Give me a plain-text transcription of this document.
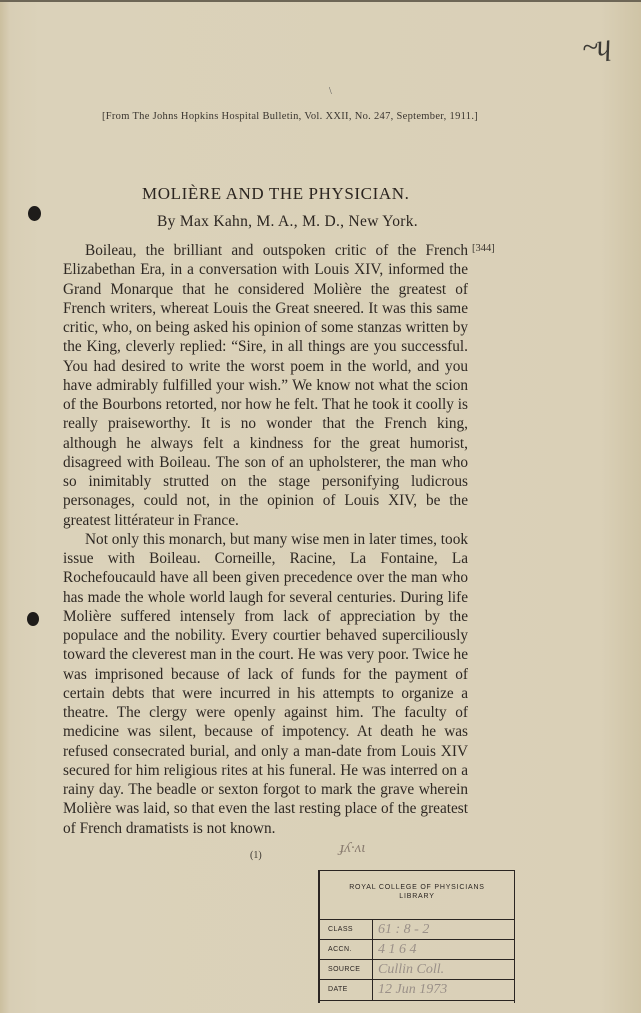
~ɥ
\
[From The Johns Hopkins Hospital Bulletin, Vol. XXII, No. 247, September, 1911.]
MOLIÈRE AND THE PHYSICIAN.
By Max Kahn, M. A., M. D., New York.
[344]

Boileau, the brilliant and outspoken critic of the French Elizabethan Era, in a conversation with Louis XIV, informed the Grand Monarque that he considered Molière the greatest of French writers, whereat Louis the Great sneered. It was this same critic, who, on being asked his opinion of some stanzas written by the King, cleverly replied: “Sire, in all things are you successful. You had desired to write the worst poem in the world, and you have admirably fulfilled your wish.” We know not what the scion of the Bourbons retorted, nor how he felt. That he took it coolly is really praiseworthy. It is no wonder that the French king, although he always felt a kindness for the great humorist, disagreed with Boileau. The son of an upholsterer, the man who so inimitably strutted on the stage personifying ludicrous personages, could not, in the opinion of Louis XIV, be the greatest littérateur in France.

Not only this monarch, but many wise men in later times, took issue with Boileau. Corneille, Racine, La Fontaine, La Rochefoucauld have all been given precedence over the man who has made the whole world laugh for several centuries. During life Molière suffered intensely from lack of appreciation by the populace and the nobility. Every courtier behaved superciliously toward the cleverest man in the court. He was very poor. Twice he was imprisoned because of lack of funds for the payment of certain debts that were incurred in his attempts to organize a theatre. The clergy were openly against him. The faculty of medicine was silent, because of impotency. At death he was refused consecrated burial, and only a man-date from Louis XIV secured for him religious rites at his funeral. He was interred on a rainy day. The beadle or sexton forgot to mark the grave wherein Molière was laid, so that even the last resting place of the greatest of French dramatists is not known.

(1)	ɟʎ·ʌɩ
ROYAL COLLEGE OF PHYSICIANS
LIBRARY
CLASS 61 : 8 - 2
ACCN. 4 1 6 4
SOURCE Cullin Coll.
DATE 12 Jun 1973
